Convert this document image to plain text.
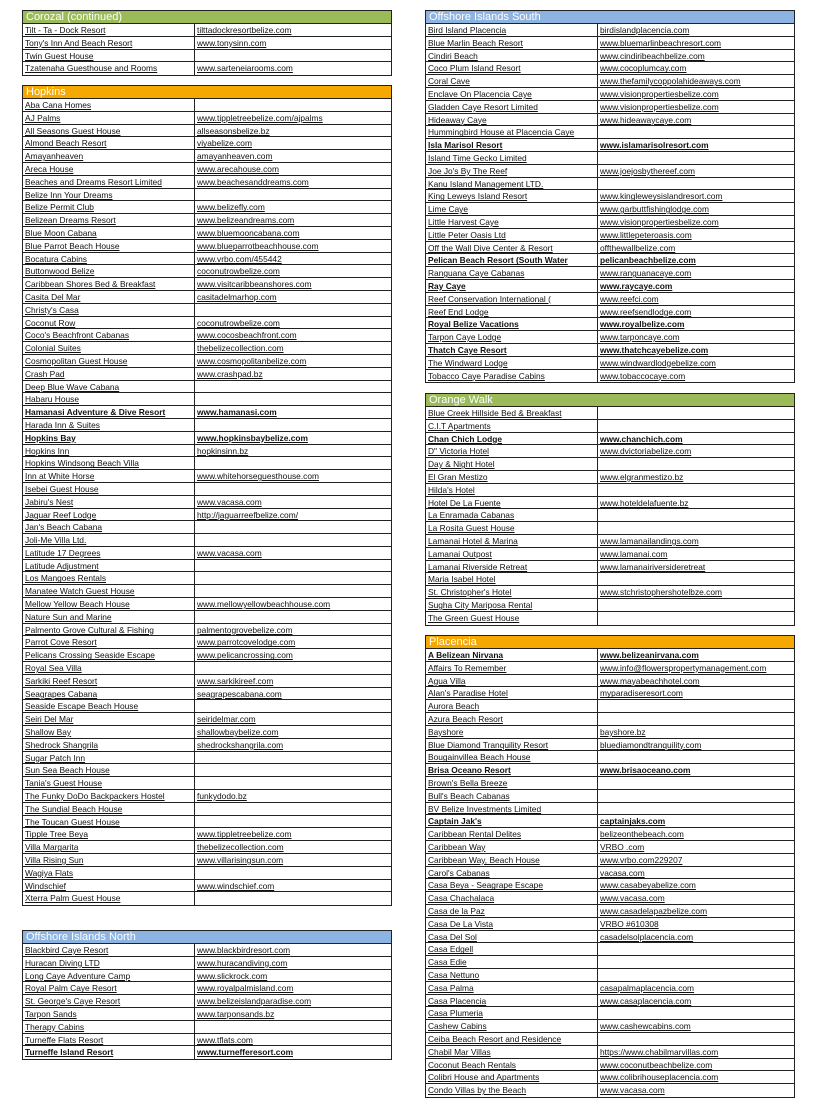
Corozal (continued)
Tilt - Ta - Dock Resort	tilttadockresortbelize.com
Tony's Inn And Beach Resort	www.tonysinn.com
Twin Guest House
Tzatenaha Guesthouse and Rooms	www.sarteneiarooms.com
Hopkins
Aba Cana Homes
AJ Palms	www.tippletreebelize.com/ajpalms
All Seasons Guest House	allseasonsbelize.bz
Almond Beach Resort	viyabelize.com
Amayanheaven	amayanheaven.com
Areca House	www.arecahouse.com
Beaches and Dreams Resort Limited	www.beachesanddreams.com
Belize Inn Your Dreams
Belize Permit Club	www.belizefly.com
Belizean Dreams Resort	www.belizeandreams.com
Blue Moon Cabana	www.bluemooncabana.com
Blue Parrot Beach House	www.blueparrotbeachhouse.com
Bocatura Cabins	www.vrbo.com/455442
Buttonwood Belize	coconutrowbelize.com
Caribbean Shores Bed & Breakfast	www.visitcaribbeanshores.com
Casita Del Mar	casitadelmarhop.com
Christy's Casa
Coconut Row	coconutrowbelize.com
Coco's Beachfront Cabanas	www.cocosbeachfront.com
Colonial Suites	thebelizecollection.com
Cosmopolitan Guest House	www.cosmopolitanbelize.com
Crash Pad	www.crashpad.bz
Deep Blue Wave Cabana
Habaru House
Hamanasi Adventure & Dive Resort	www.hamanasi.com
Harada Inn & Suites
Hopkins Bay	www.hopkinsbaybelize.com
Hopkins Inn	hopkinsinn.bz
Hopkins Windsong Beach Villa
Inn at White Horse	www.whitehorseguesthouse.com
Isebei Guest House
Jabiru's Nest	www.vacasa.com
Jaguar Reef Lodge	http://jaguarreefbelize.com/
Jan's Beach Cabana
Joli-Me Villa Ltd.
Latitude 17 Degrees	www.vacasa.com
Latitude Adjustment
Los Mangoes Rentals
Manatee Watch Guest House
Mellow Yellow Beach House	www.mellowyellowbeachhouse.com
Nature Sun and Marine
Palmento Grove Cultural & Fishing	palmentogrovebelize.com
Parrot Cove Resort	www.parrotcovelodge.com
Pelicans Crossing Seaside Escape	www.pelicancrossing.com
Royal Sea Villa
Sarkiki Reef Resort	www.sarkikireef.com
Seagrapes Cabana	seagrapescabana.com
Seaside Escape Beach House
Seiri Del Mar	seiridelmar.com
Shallow Bay	shallowbaybelize.com
Shedrock Shangrila	shedrockshangrila.com
Sugar Patch Inn
Sun Sea Beach House
Tania's Guest House
The Funky DoDo Backpackers Hostel	funkydodo.bz
The Sundial Beach House
The Toucan Guest House
Tipple Tree Beya	www.tippletreebelize.com
Villa Margarita	thebelizecollection.com
Villa Rising Sun	www.villarisingsun.com
Wagiya Flats
Windschief	www.windschief.com
Xterra Palm Guest House
Offshore Islands North
Blackbird Caye Resort	www.blackbirdresort.com
Huracan Diving LTD	www.huracandiving.com
Long Caye Adventure Camp	www.slickrock.com
Royal Palm Caye Resort	www.royalpalmisland.com
St. George's Caye Resort	www.belizeislandparadise.com
Tarpon Sands	www.tarponsands.bz
Therapy Cabins
Turneffe Flats Resort	www.tflats.com
Turneffe Island Resort	www.turnefferesort.com
Offshore Islands South
Bird Island Placencia	birdislandplacencia.com
Blue Marlin Beach Resort	www.bluemarlinbeachresort.com
Cindiri Beach	www.cindiribeachbelize.com
Coco Plum Island Resort	www.cocoplumcay.com
Coral Cave	www.thefamilycoppolahideaways.com
Enclave On Placencia Caye	www.visionpropertiesbelize.com
Gladden Caye Resort Limited	www.visionpropertiesbelize.com
Hideaway Caye	www.hideawaycaye.com
Hummingbird House at Placencia Caye
Isla Marisol Resort	www.islamarisolresort.com
Island Time Gecko Limited
Joe Jo's By The Reef	www.joejosbythereef.com
Kanu Island Management LTD.
King Leweys Island Resort	www.kingleweysislandresort.com
Lime Caye	www.garbuttfishinglodge.com
Little Harvest Caye	www.visionpropertiesbelize.com
Little Peter Oasis Ltd	www.littlepeteroasis.com
Off the Wall Dive Center & Resort	offthewallbelize.com
Pelican Beach Resort (South Water	pelicanbeachbelize.com
Ranguana Caye Cabanas	www.ranguanacaye.com
Ray Caye	www.raycaye.com
Reef Conservation International (	www.reefci.com
Reef End Lodge	www.reefsendlodge.com
Royal Belize Vacations	www.royalbelize.com
Tarpon Caye Lodge	www.tarponcaye.com
Thatch Caye Resort	www.thatchcayebelize.com
The Windward Lodge	www.windwardlodgebelize.com
Tobacco Caye Paradise Cabins	www.tobaccocaye.com
Orange Walk
Blue Creek Hillside Bed & Breakfast
C.I.T Apartments
Chan Chich Lodge	www.chanchich.com
D" Victoria Hotel	www.dvictoriabelize.com
Day & Night Hotel
El Gran Mestizo	www.elgranmestizo.bz
Hilda's Hotel
Hotel De La Fuente	www.hoteldelafuente.bz
La Enramada Cabanas
La Rosita Guest House
Lamanai Hotel & Marina	www.lamanailandings.com
Lamanai Outpost	www.lamanai.com
Lamanai Riverside Retreat	www.lamanairiversideretreat
Maria Isabel Hotel
St. Christopher's Hotel	www.stchristophershotelbze.com
Sugha City Mariposa Rental
The Green Guest House
Placencia
A Belizean Nirvana	www.belizeanirvana.com
Affairs To Remember	www.info@flowerspropertymanagement.com
Agua Villa	www.mayabeachhotel.com
Alan's Paradise Hotel	myparadiseresort.com
Aurora Beach
Azura Beach Resort
Bayshore	bayshore.bz
Blue Diamond Tranquility Resort	bluediamondtranquility.com
Bougainvillea Beach House
Brisa Oceano Resort	www.brisaoceano.com
Brown's Bella Breeze
Bull's Beach Cabanas
BV Belize Investments Limited
Captain Jak's	captainjaks.com
Caribbean Rental Delites	belizeonthebeach.com
Caribbean Way	VRBO .com
Caribbean Way, Beach House	www.vrbo.com229207
Carol's Cabanas	vacasa.com
Casa Beya - Seagrape Escape	www.casabeyabelize.com
Casa Chachalaca	www.vacasa.com
Casa de la Paz	www.casadelapazbelize.com
Casa De La Vista	VRBO #610308
Casa Del Sol	casadelsolplacencia.com
Casa Edgell
Casa Edie
Casa Nettuno
Casa Palma	casapalmaplacencia.com
Casa Placencia	www.casaplacencia.com
Casa Plumeria
Cashew Cabins	www.cashewcabins.com
Ceiba Beach Resort and Residence
Chabil Mar Villas	https://www.chabilmarvillas.com
Coconut Beach Rentals	www.coconutbeachbelize.com
Colibri House and Apartments	www.colibrihouseplacencia.com
Condo Villas by the Beach	www.vacasa.com
